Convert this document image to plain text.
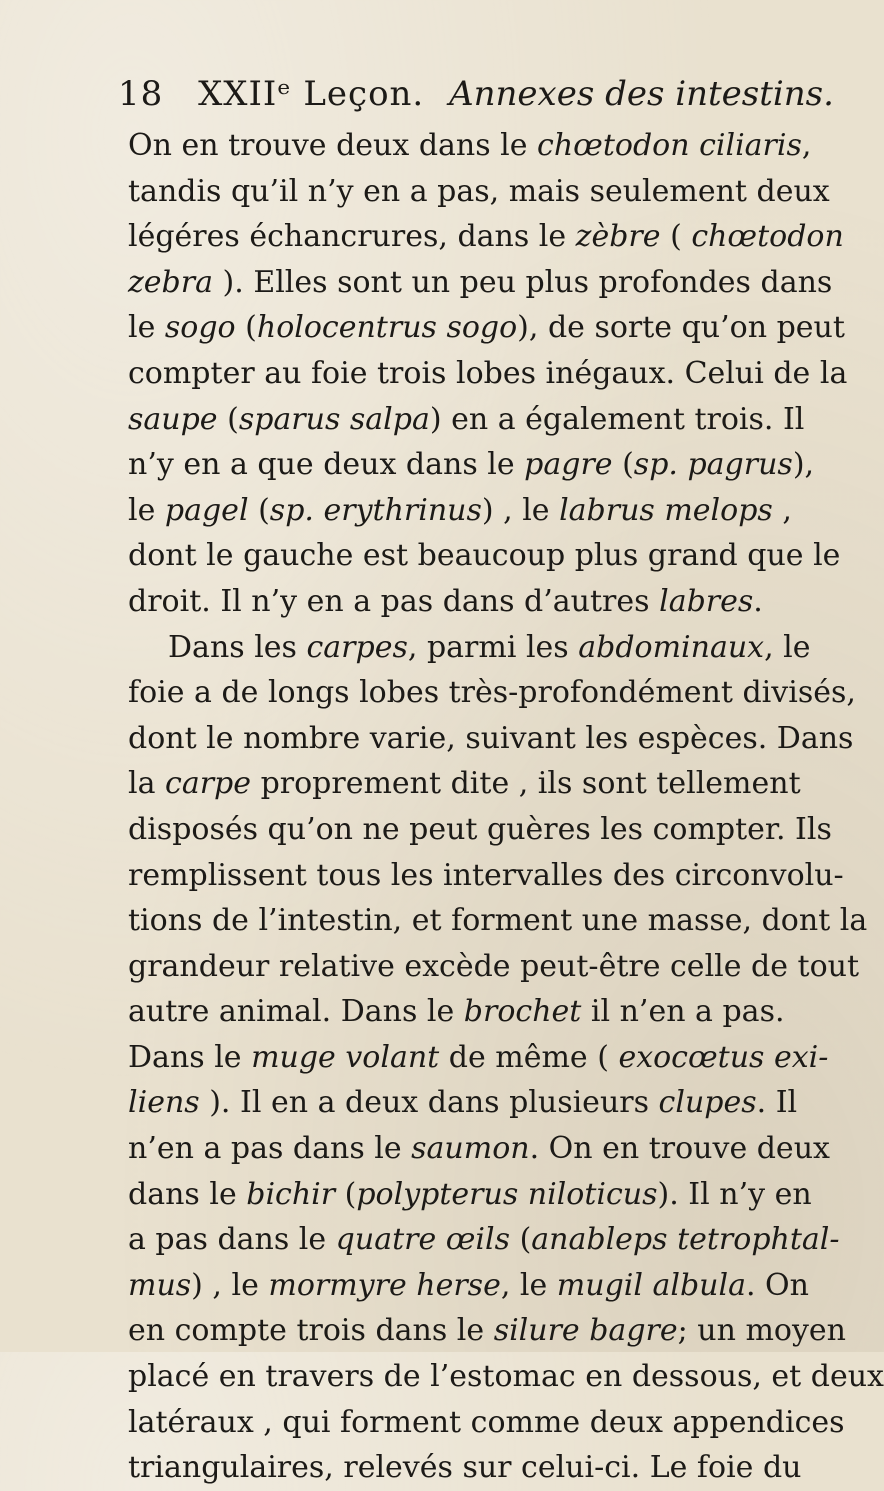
18 XXIIᵉ Leçon. Annexes des intestins.
On en trouve deux dans le chœtodon ciliaris,
tandis qu’il n’y en a pas, mais seulement deux
légéres échancrures, dans le zèbre ( chœtodon
zebra ). Elles sont un peu plus profondes dans
le sogo (holocentrus sogo), de sorte qu’on peut
compter au foie trois lobes inégaux. Celui de la
saupe (sparus salpa) en a également trois. Il
n’y en a que deux dans le pagre (sp. pagrus),
le pagel (sp. erythrinus) , le labrus melops ,
dont le gauche est beaucoup plus grand que le
droit. Il n’y en a pas dans d’autres labres.
Dans les carpes, parmi les abdominaux, le
foie a de longs lobes très-profondément divisés,
dont le nombre varie, suivant les espèces. Dans
la carpe proprement dite , ils sont tellement
disposés qu’on ne peut guères les compter. Ils
remplissent tous les intervalles des circonvolu-
tions de l’intestin, et forment une masse, dont la
grandeur relative excède peut-être celle de tout
autre animal. Dans le brochet il n’en a pas.
Dans le muge volant de même ( exocœtus exi-
liens ). Il en a deux dans plusieurs clupes. Il
n’en a pas dans le saumon. On en trouve deux
dans le bichir (polypterus niloticus). Il n’y en
a pas dans le quatre œils (anableps tetrophtal-
mus) , le mormyre herse, le mugil albula. On
en compte trois dans le silure bagre; un moyen
placé en travers de l’estomac en dessous, et deux
latéraux , qui forment comme deux appendices
triangulaires, relevés sur celui-ci. Le foie du
